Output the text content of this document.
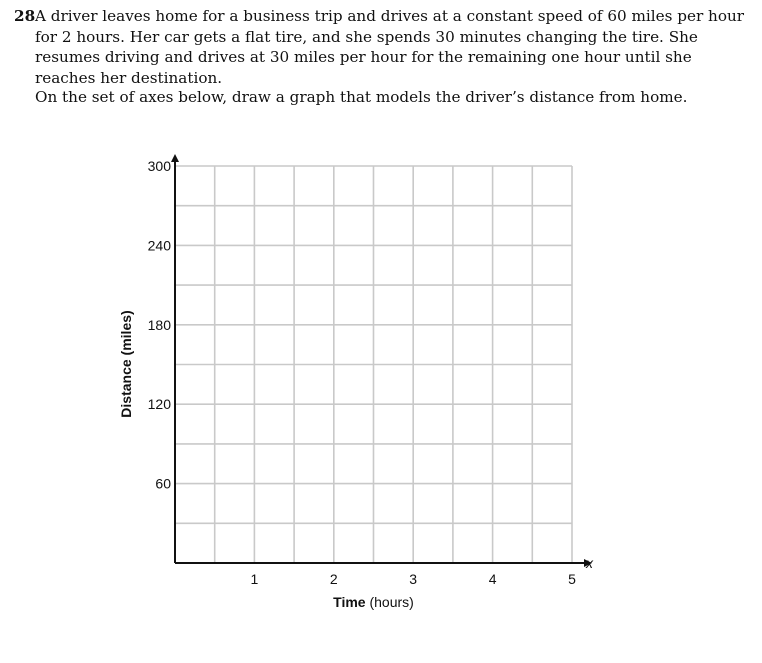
28 A driver leaves home for a business trip and drives at a constant speed of 60 miles per hour for 2 hours. Her car gets a flat tire, and she spends 30 minutes changing the tire. She resumes driving and drives at 30 miles per hour for the remaining one hour until she reaches her destination.
On the set of axes below, draw a graph that models the driver’s distance from home.
x
60
120
180
240
300
1	2	3	4	5
Time (hours)
Distance (miles)
